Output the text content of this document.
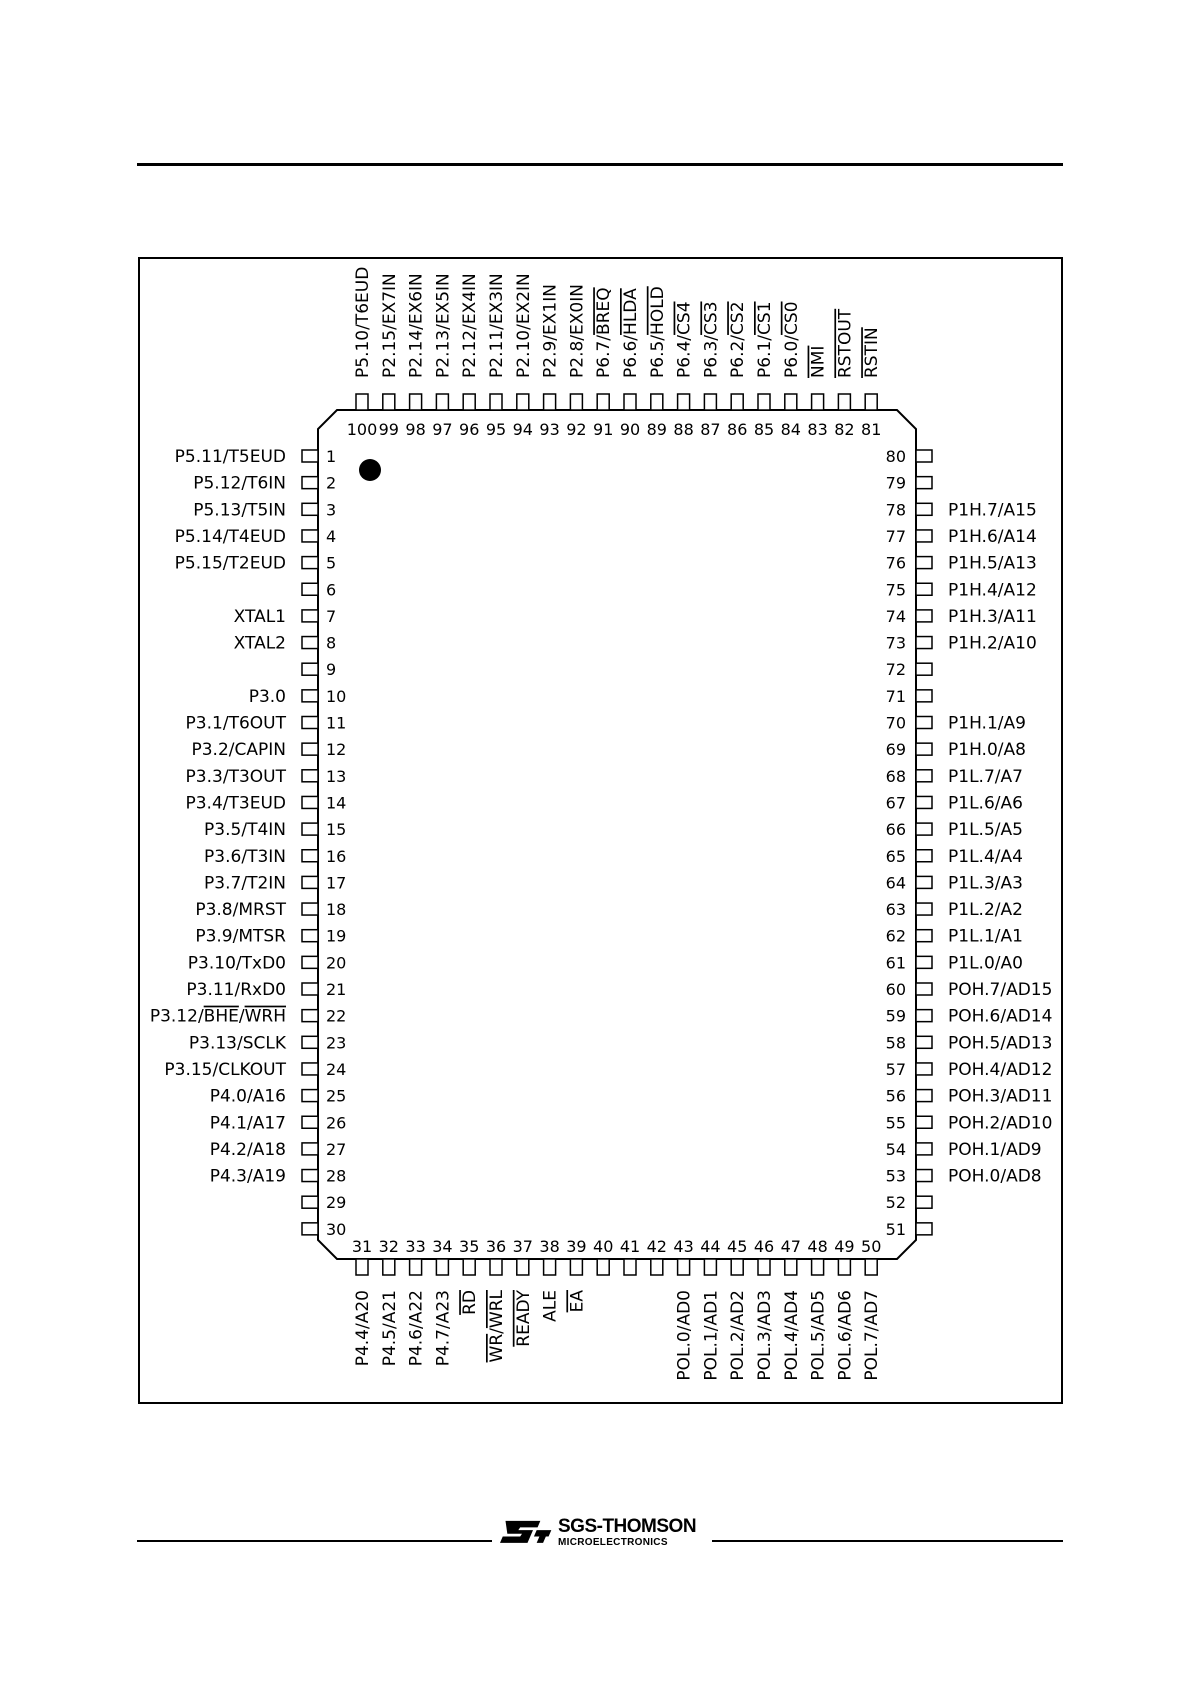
1
P5.11/T5EUD
2
P5.12/T6IN
3
P5.13/T5IN
4
P5.14/T4EUD
5
P5.15/T2EUD
6
7
XTAL1
8
XTAL2
9
10
P3.0
11
P3.1/T6OUT
12
P3.2/CAPIN
13
P3.3/T3OUT
14
P3.4/T3EUD
15
P3.5/T4IN
16
P3.6/T3IN
17
P3.7/T2IN
18
P3.8/MRST
19
P3.9/MTSR
20
P3.10/TxD0
21
P3.11/RxD0
22
P3.12/BHE/WRH
23
P3.13/SCLK
24
P3.15/CLKOUT
25
P4.0/A16
26
P4.1/A17
27
P4.2/A18
28
P4.3/A19
29
30
80
79
78 P1H.7/A15
77 P1H.6/A14
76 P1H.5/A13
75 P1H.4/A12
74 P1H.3/A11
73 P1H.2/A10
72
71
70 P1H.1/A9
69 P1H.0/A8
68 P1L.7/A7
67 P1L.6/A6
66 P1L.5/A5
65 P1L.4/A4
64 P1L.3/A3
63 P1L.2/A2
62 P1L.1/A1
61 P1L.0/A0
60 POH.7/AD15
59 POH.6/AD14
58 POH.5/AD13
57 POH.4/AD12
56 POH.3/AD11
55 POH.2/AD10
54 POH.1/AD9
53 POH.0/AD8
52
51
100
P5.10/T6EUD
99
P2.15/EX7IN
98
P2.14/EX6IN
97
P2.13/EX5IN
96
P2.12/EX4IN
95
P2.11/EX3IN
94
P2.10/EX2IN
93
P2.9/EX1IN
92
P2.8/EX0IN
91
P6.7/BREQ
90
P6.6/HLDA
89
P6.5/HOLD
88
P6.4/CS4
87
P6.3/CS3
86
P6.2/CS2
85
P6.1/CS1
84
P6.0/CS0
83
NMI
82
RSTOUT
81
RSTIN
31
P4.4/A20
32
P4.5/A21
33
P4.6/A22
34
P4.7/A23
35
RD
36
WR/WRL
37
READY
38
ALE
39
EA
40 41 42 43
POL.0/AD0
44
POL.1/AD1
45
POL.2/AD2
46
POL.3/AD3
47
POL.4/AD4
48
POL.5/AD5
49
POL.6/AD6
50
POL.7/AD7
SGS-THOMSON
MICROELECTRONICS
